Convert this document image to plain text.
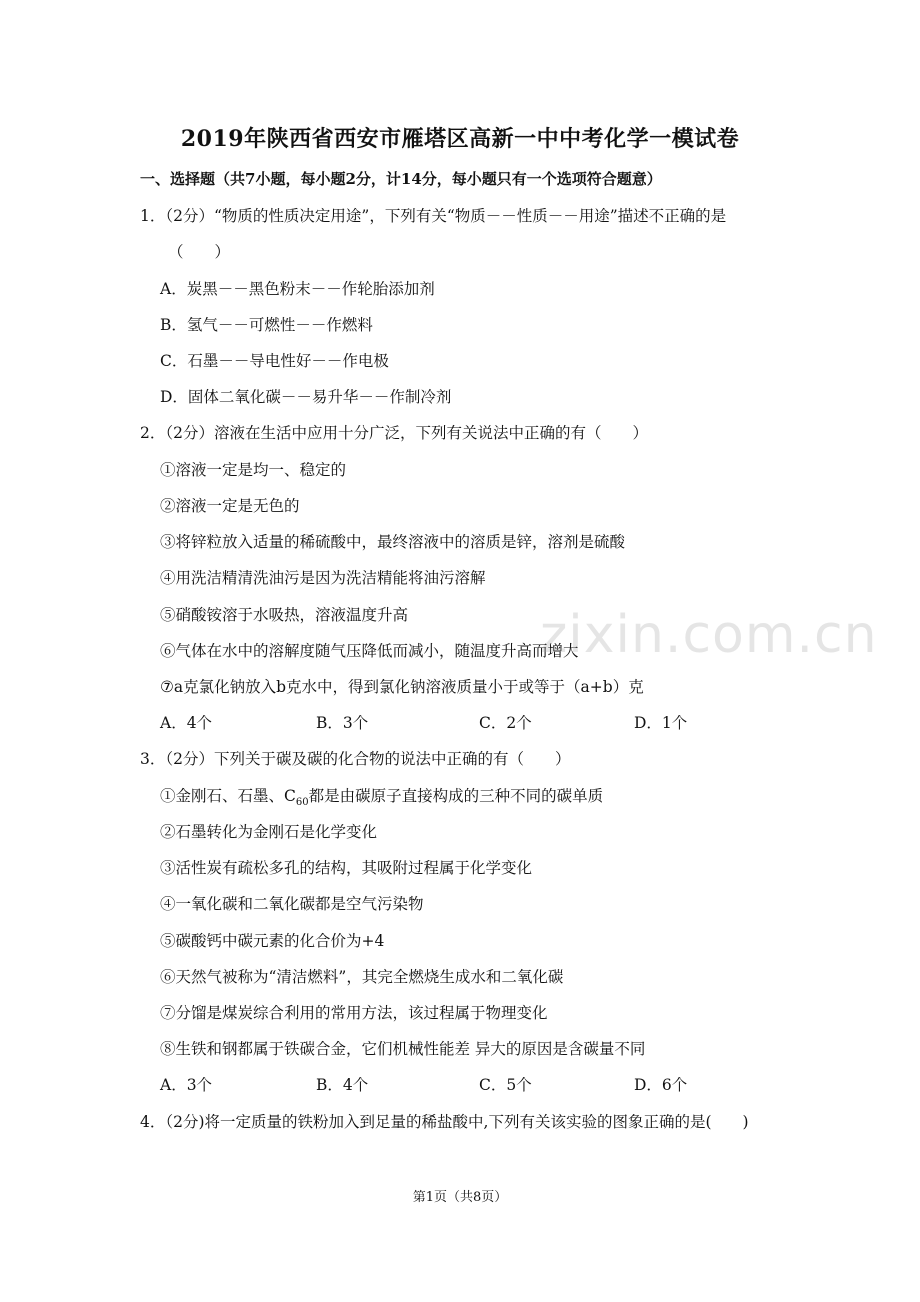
2019年陕西省西安市雁塔区高新一中中考化学一模试卷
一、选择题（共7小题，每小题2分，计14分，每小题只有一个选项符合题意）
1．（2分）“物质的性质决定用途”，下列有关“物质－－性质－－用途”描述不正确的是
（　　）
A．炭黑－－黑色粉末－－作轮胎添加剂
B．氢气－－可燃性－－作燃料
C．石墨－－导电性好－－作电极
D．固体二氧化碳－－易升华－－作制冷剂
2．（2分）溶液在生活中应用十分广泛，下列有关说法中正确的有（　　）
①溶液一定是均一、稳定的
②溶液一定是无色的
③将锌粒放入适量的稀硫酸中，最终溶液中的溶质是锌，溶剂是硫酸
④用洗洁精清洗油污是因为洗洁精能将油污溶解
⑤硝酸铵溶于水吸热，溶液温度升高
⑥气体在水中的溶解度随气压降低而减小，随温度升高而增大
⑦a克氯化钠放入b克水中，得到氯化钠溶液质量小于或等于（a+b）克
A．4个	B．3个	C．2个	D．1个
3．（2分）下列关于碳及碳的化合物的说法中正确的有（　　）
①金刚石、石墨、$C_{60}$都是由碳原子直接构成的三种不同的碳单质
②石墨转化为金刚石是化学变化
③活性炭有疏松多孔的结构，其吸附过程属于化学变化
④一氧化碳和二氧化碳都是空气污染物
⑤碳酸钙中碳元素的化合价为+4
⑥天然气被称为“清洁燃料”，其完全燃烧生成水和二氧化碳
⑦分馏是煤炭综合利用的常用方法，该过程属于物理变化
⑧生铁和钢都属于铁碳合金，它们机械性能差 异大的原因是含碳量不同
A．3个	B．4个	C．5个	D．6个
4．（2分)将一定质量的铁粉加入到足量的稀盐酸中,下列有关该实验的图象正确的是(　　)
zixin.com.cn
第1页（共8页）
